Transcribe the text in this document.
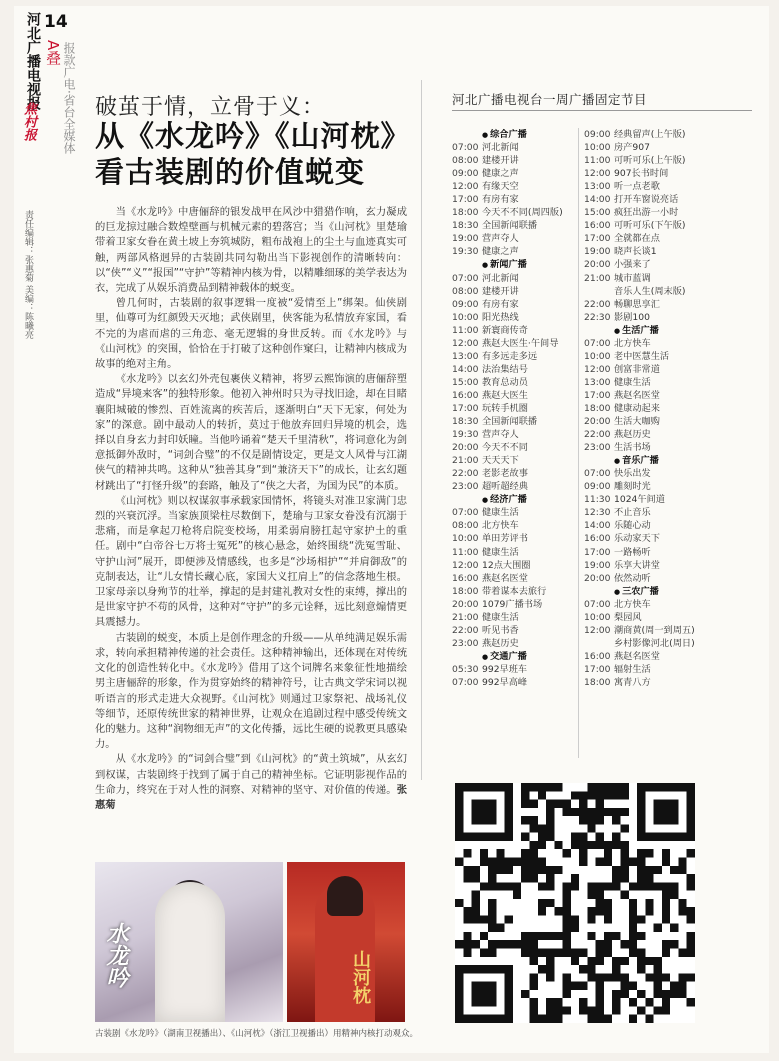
河北广播电视报 14
A叠 报款广电·省台全媒体
焦村报
责任编辑：张惠菊 美编：陈曦亮
破茧于情，立骨于义：
从《水龙吟》《山河枕》
看古装剧的价值蜕变

当《水龙吟》中唐俪辞的银发战甲在风沙中猎猎作响，玄力凝成的巨龙掠过融合数煌壁画与机械元素的碧落宫；当《山河枕》里楚瑜带着卫家女眷在黄土坡上夯筑城防，粗布战袍上的尘土与血迹真实可触，两部风格迥异的古装剧共同勾勒出当下影视创作的清晰转向：以“侠”“义”“报国”“守护”等精神内核为骨，以精雕细琢的美学表达为衣，完成了从娱乐消费品到精神载体的蜕变。

曾几何时，古装剧的叙事逻辑一度被“爱情至上”绑架。仙侠剧里，仙尊可为红颜毁天灭地；武侠剧里，侠客能为私情放弃家国，看不完的为虐而虐的三角恋、毫无逻辑的身世反转。而《水龙吟》与《山河枕》的突围，恰恰在于打破了这种创作窠臼，让精神内核成为故事的绝对主角。

《水龙吟》以玄幻外壳包裹侠义精神，将罗云熙饰演的唐俪辞塑造成“异境来客”的独特形象。他初入神州时只为寻找旧途，却在目睹襄阳城破的惨烈、百姓流离的疾苦后，逐渐明白“天下无家，何处为家”的深意。剧中最动人的转折，莫过于他放弃回归异境的机会，选择以自身玄力封印妖瞳。当他吟诵着“楚天千里清秋”，将词意化为剑意抵御外敌时，“词剑合璧”的不仅是剧情设定，更是文人风骨与江湖侠气的精神共鸣。这种从“独善其身”到“兼济天下”的成长，让玄幻题材跳出了“打怪升级”的套路，触及了“侠之大者，为国为民”的本质。

《山河枕》则以权谋叙事承载家国情怀，将镜头对准卫家满门忠烈的兴衰沉浮。当家族顶梁柱尽数倒下，楚瑜与卫家女眷没有沉溺于悲痛，而是拿起刀枪将启院变校场，用柔弱肩膀扛起守家护土的重任。剧中“白帝谷七万将士冤死”的核心悬念，始终围绕“洗冤雪耻、守护山河”展开，即便涉及情感线，也多是“沙场相护”“并肩御敌”的克制表达，让“儿女情长藏心底，家国大义扛肩上”的信念落地生根。卫家母亲以身殉节的壮举，撑起的是封建礼教对女性的束缚，撑出的是世家守护不苟的风骨，这种对“守护”的多元诠释，远比刻意煽情更具震撼力。

古装剧的蜕变，本质上是创作理念的升级——从单纯满足娱乐需求，转向承担精神传递的社会责任。这种精神输出，还体现在对传统文化的创造性转化中。《水龙吟》借用了这个词牌名来象征性地描绘男主唐俪辞的形象，作为贯穿始终的精神符号，让古典文学宋词以视听语言的形式走进大众视野。《山河枕》则通过卫家祭祀、战场礼仪等细节，还原传统世家的精神世界，让观众在追剧过程中感受传统文化的魅力。这种“润物细无声”的文化传播，远比生硬的说教更具感染力。

从《水龙吟》的“词剑合璧”到《山河枕》的“黄土筑城”，从玄幻到权谋，古装剧终于找到了属于自己的精神坐标。它证明影视作品的生命力，终究在于对人性的洞察、对精神的坚守、对价值的传递。张惠菊

水龙吟	山河枕
古装剧《水龙吟》（湖南卫视播出）、《山河枕》（浙江卫视播出）用精神内核打动观众。
河北广播电视台一周广播固定节目
● 综合广播
07:00 河北新闻
08:00 建楼开讲
09:00 健康之声
12:00 有缘天空
17:00 有房有家
18:00 今天不不同(周四版)
18:30 全国新闻联播
19:00 营声夺人
19:30 健康之声
● 新闻广播
07:00 河北新闻
08:00 建楼开讲
09:00 有房有家
10:00 阳光热线
11:00 新寰商传奇
12:00 燕赵大医生·午间导
13:00 有多远走多远
14:00 法治集结号
15:00 教育总动员
16:00 燕赵大医生
17:00 玩转手机圈
18:30 全国新闻联播
19:30 营声夺人
20:00 今天不不同
21:00 天天天下
22:00 老影老故事
23:00 超听超经典
● 经济广播
07:00 健康生活
08:00 北方快车
10:00 单田芳评书
11:00 健康生活
12:00 12点大围圈
16:00 燕赵名医堂
18:00 带着谋本去旅行
20:00 1079广播书场
21:00 健康生活
22:00 听见书香
23:00 燕赵历史
● 交通广播
05:30 992早班车
07:00 992早高峰
09:00 经典留声(上午版)
10:00 房产907
11:00 可听可乐(上午版)
12:00 907长书时间
13:00 听一点老歌
14:00 打开车窗说亮话
15:00 疯狂出游一小时
16:00 可听可乐(下午版)
17:00 全就都在点
19:00 晓声长谈1
20:00 小强来了
21:00 城市蓝调
音乐人生(周末版)
22:00 畅聊思享汇
22:30 影剧100
● 生活广播
07:00 北方快车
10:00 老中医慧生活
12:00 创富非常道
13:00 健康生活
17:00 燕赵名医堂
18:00 健康动起来
20:00 生活大咖购
22:00 燕赵历史
23:00 生活书场
● 音乐广播
07:00 快乐出发
09:00 雕刻时光
11:30 1024午间道
12:30 不止音乐
14:00 乐随心动
16:00 乐动家天下
17:00 一路畅听
19:00 乐享大讲堂
20:00 依然动听
● 三农广播
07:00 北方快车
10:00 梨园风
12:00 潮商黄(周一到周五)
乡村影像河北(周日)
16:00 燕赵名医堂
17:00 辐射生活
18:00 寓青八方
